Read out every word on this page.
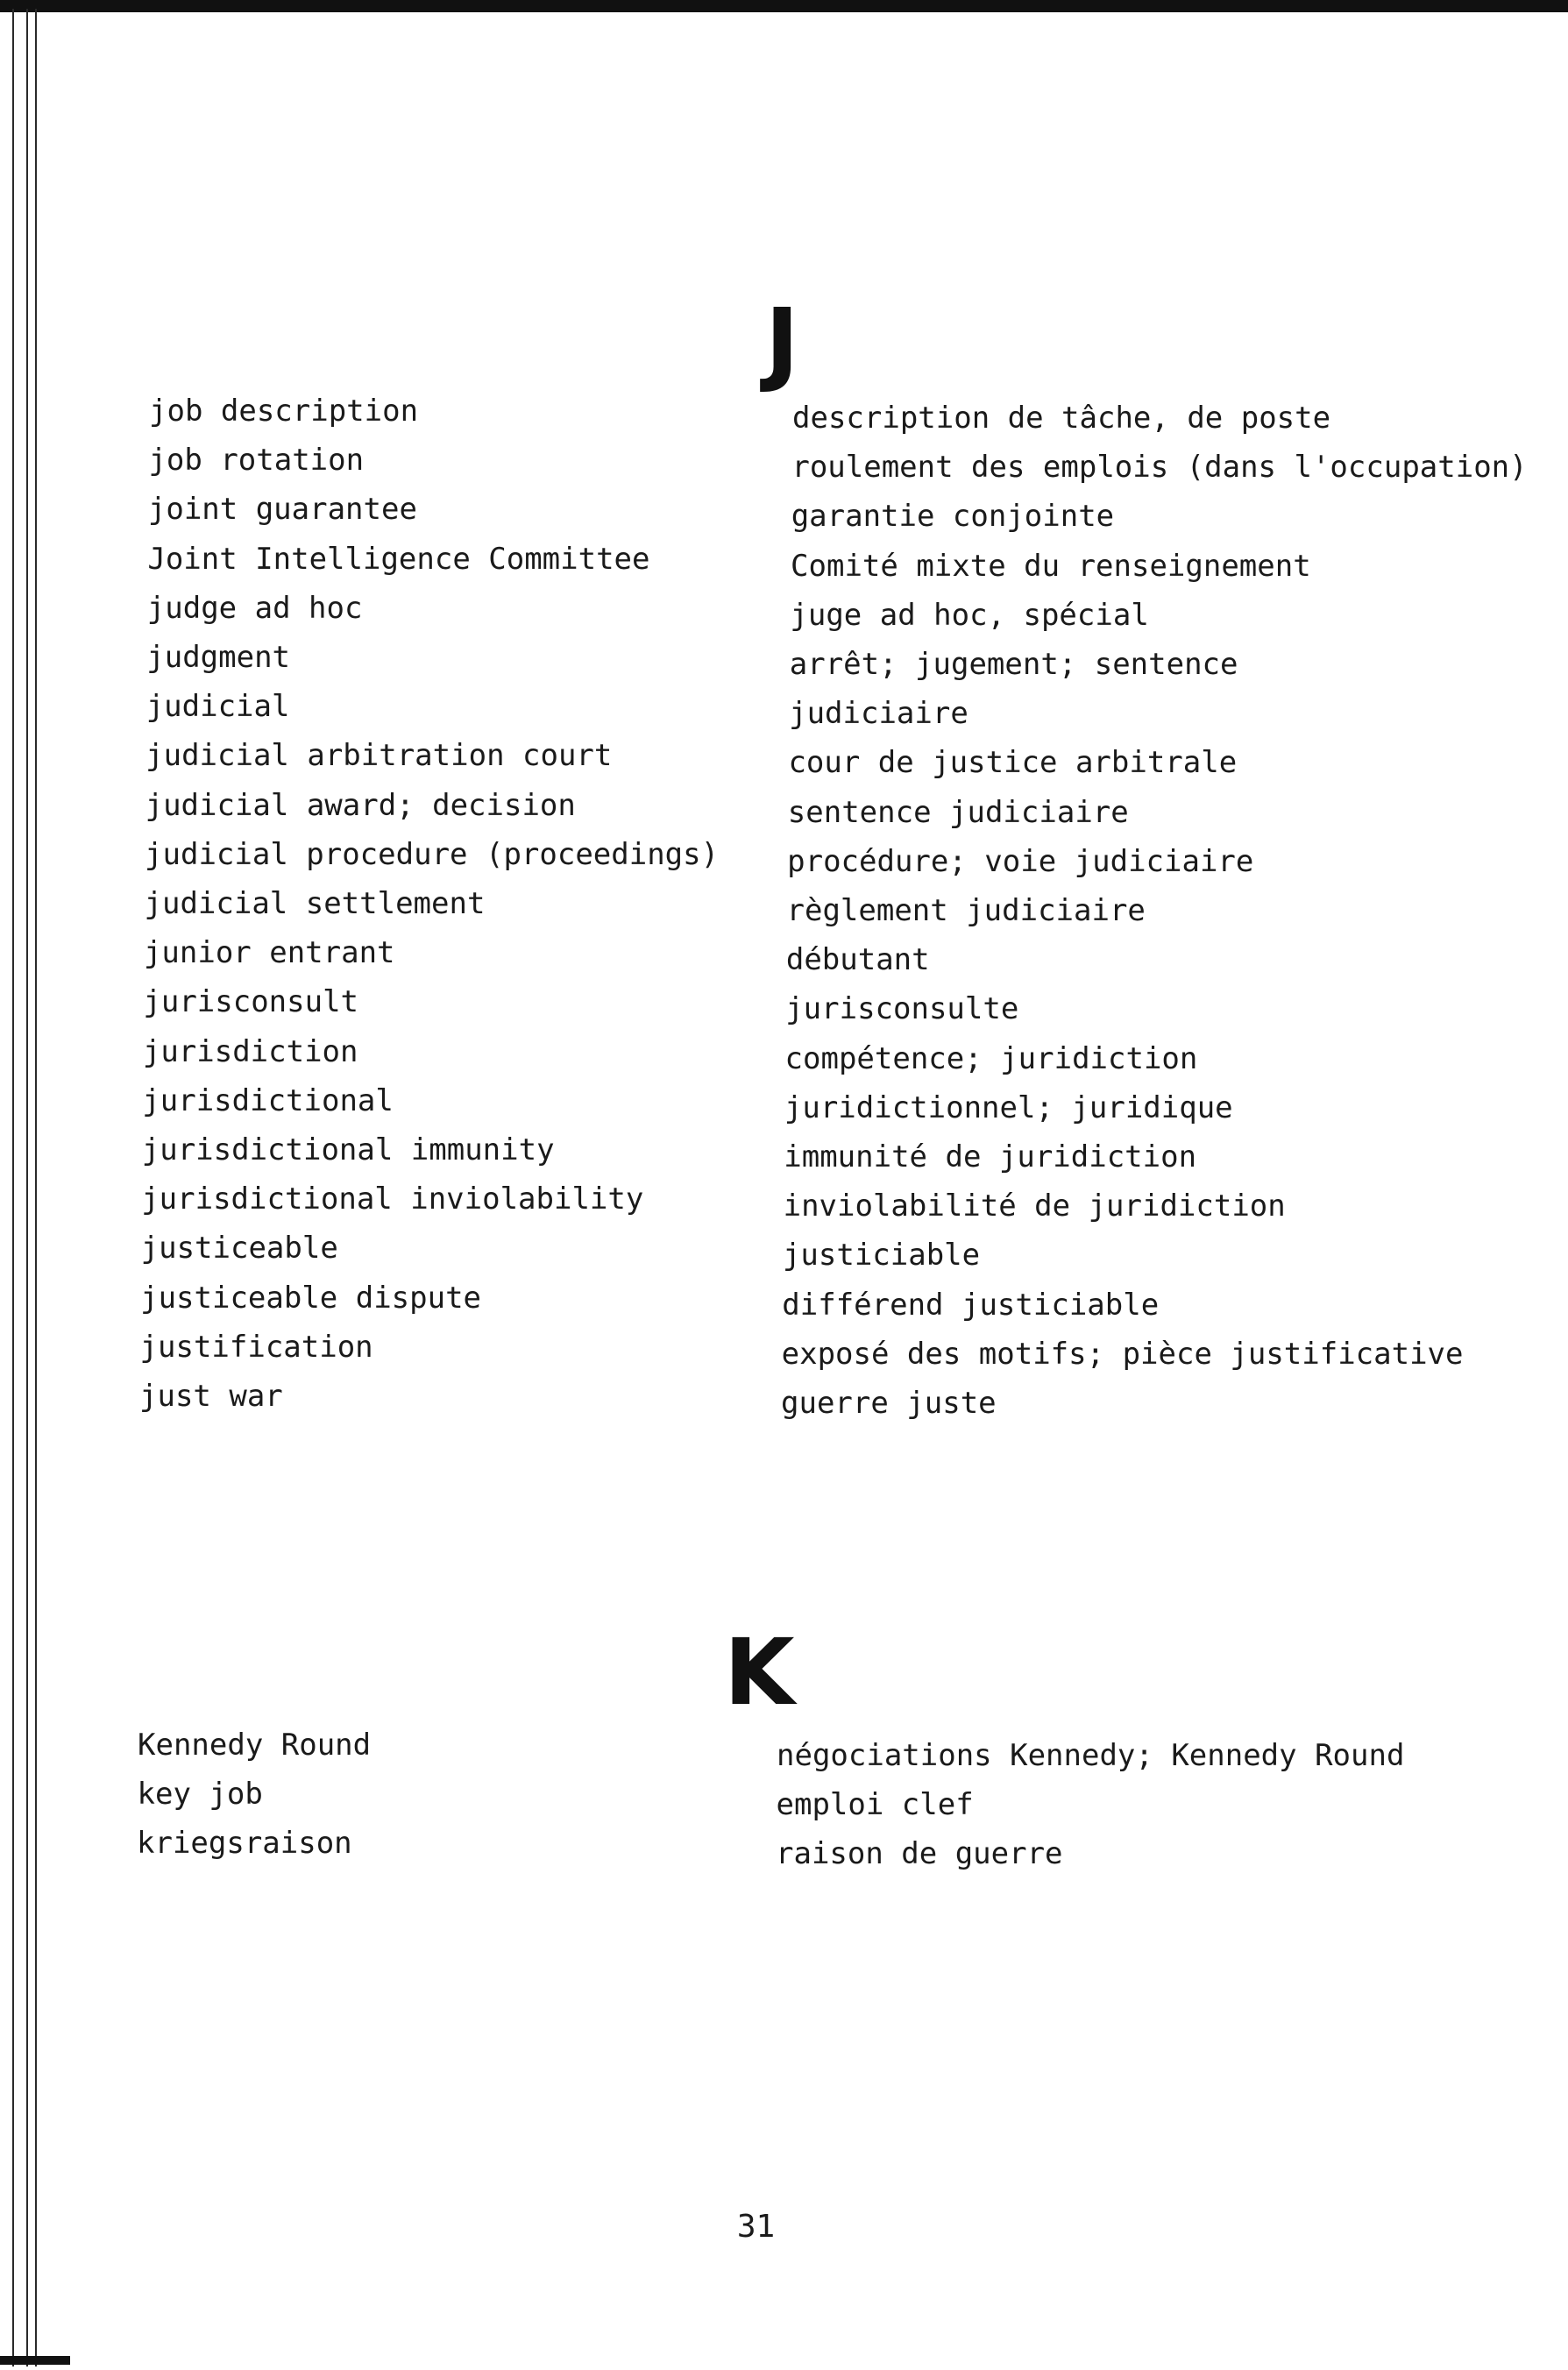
J
job description	description de tâche, de poste
job rotation	roulement des emplois (dans l'occupation)
joint guarantee	garantie conjointe
Joint Intelligence Committee	Comité mixte du renseignement
judge ad hoc	juge ad hoc, spécial
judgment	arrêt; jugement; sentence
judicial	judiciaire
judicial arbitration court	cour de justice arbitrale
judicial award; decision	sentence judiciaire
judicial procedure (proceedings) procédure; voie judiciaire
judicial settlement	règlement judiciaire
junior entrant	débutant
jurisconsult	jurisconsulte
jurisdiction	compétence; juridiction
jurisdictional	juridictionnel; juridique
jurisdictional immunity	immunité de juridiction
jurisdictional inviolability	inviolabilité de juridiction
justiceable	justiciable
justiceable dispute	différend justiciable
justification	exposé des motifs; pièce justificative
just war	guerre juste
K
Kennedy Round	négociations Kennedy; Kennedy Round
key job	emploi clef
kriegsraison	raison de guerre
31
